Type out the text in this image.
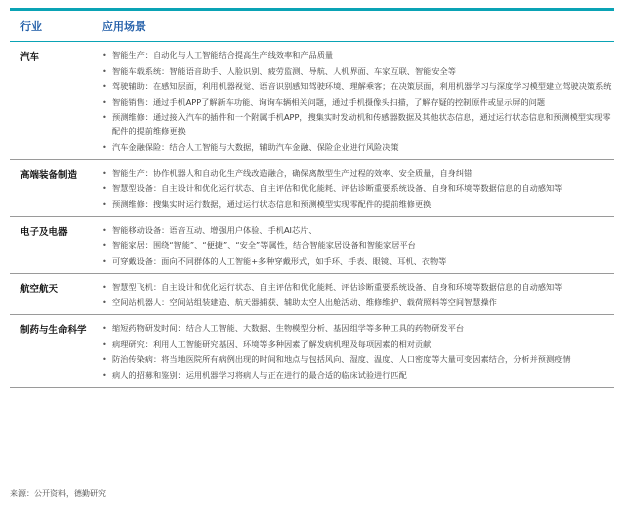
行业	应用场景
汽车	• 智能生产：自动化与人工智能结合提高生产线效率和产品质量
• 智能车载系统：智能语音助手、人脸识别、疲劳监测、导航、人机界面、车家互联、智能安全等
• 驾驶辅助：在感知层面，利用机器视觉、语音识别感知驾驶环境、理解乘客；在决策层面，利用机器学习与深度学习模型建立驾驶决策系统
• 智能销售：通过手机APP了解新车功能、询询车辆相关问题，通过手机摄像头扫描，了解存疑的控制原件或显示屏的问题
• 预测维修：通过接入汽车的插件和一个附属手机APP，搜集实时发动机和传感器数据及其他状态信息，通过运行状态信息和预测模型实现零配件的提前维修更换
• 汽车金融保险：结合人工智能与大数据，辅助汽车金融、保险企业进行风险决策
高端装备制造	• 智能生产：协作机器人和自动化生产线改造融合，确保离散型生产过程的效率、安全质量，自身纠错
• 智慧型设备：自主设计和优化运行状态、自主评估和优化能耗、评估诊断重要系统设备、自身和环境等数据信息的自动感知等
• 预测维修：搜集实时运行数据，通过运行状态信息和预测模型实现零配件的提前维修更换
电子及电器	• 智能移动设备：语音互动、增强用户体验、手机AI芯片、
• 智能家居：围绕“智能”、“便捷”、“安全”等属性，结合智能家居设备和智能家居平台
• 可穿戴设备：面向不同群体的人工智能+多种穿戴形式，如手环、手表、眼镜、耳机、衣物等
航空航天	• 智慧型飞机：自主设计和优化运行状态、自主评估和优化能耗、评估诊断重要系统设备、自身和环境等数据信息的自动感知等
• 空间站机器人：空间站组装建造、航天器捕获、辅助太空人出舱活动、维修维护、载荷照料等空间智慧操作
制药与生命科学	• 缩短药物研发时间：结合人工智能、大数据、生物模型分析、基因组学等多种工具的药物研发平台
• 病理研究：利用人工智能研究基因、环境等多种因素了解发病机理及每项因素的相对贡献
• 防治传染病：将当地医院所有病例出现的时间和地点与包括风向、湿度、温度、人口密度等大量可变因素结合，分析并预测疫情
• 病人的招募和鉴别：运用机器学习将病人与正在进行的最合适的临床试验进行匹配
来源：公开资料，德勤研究
